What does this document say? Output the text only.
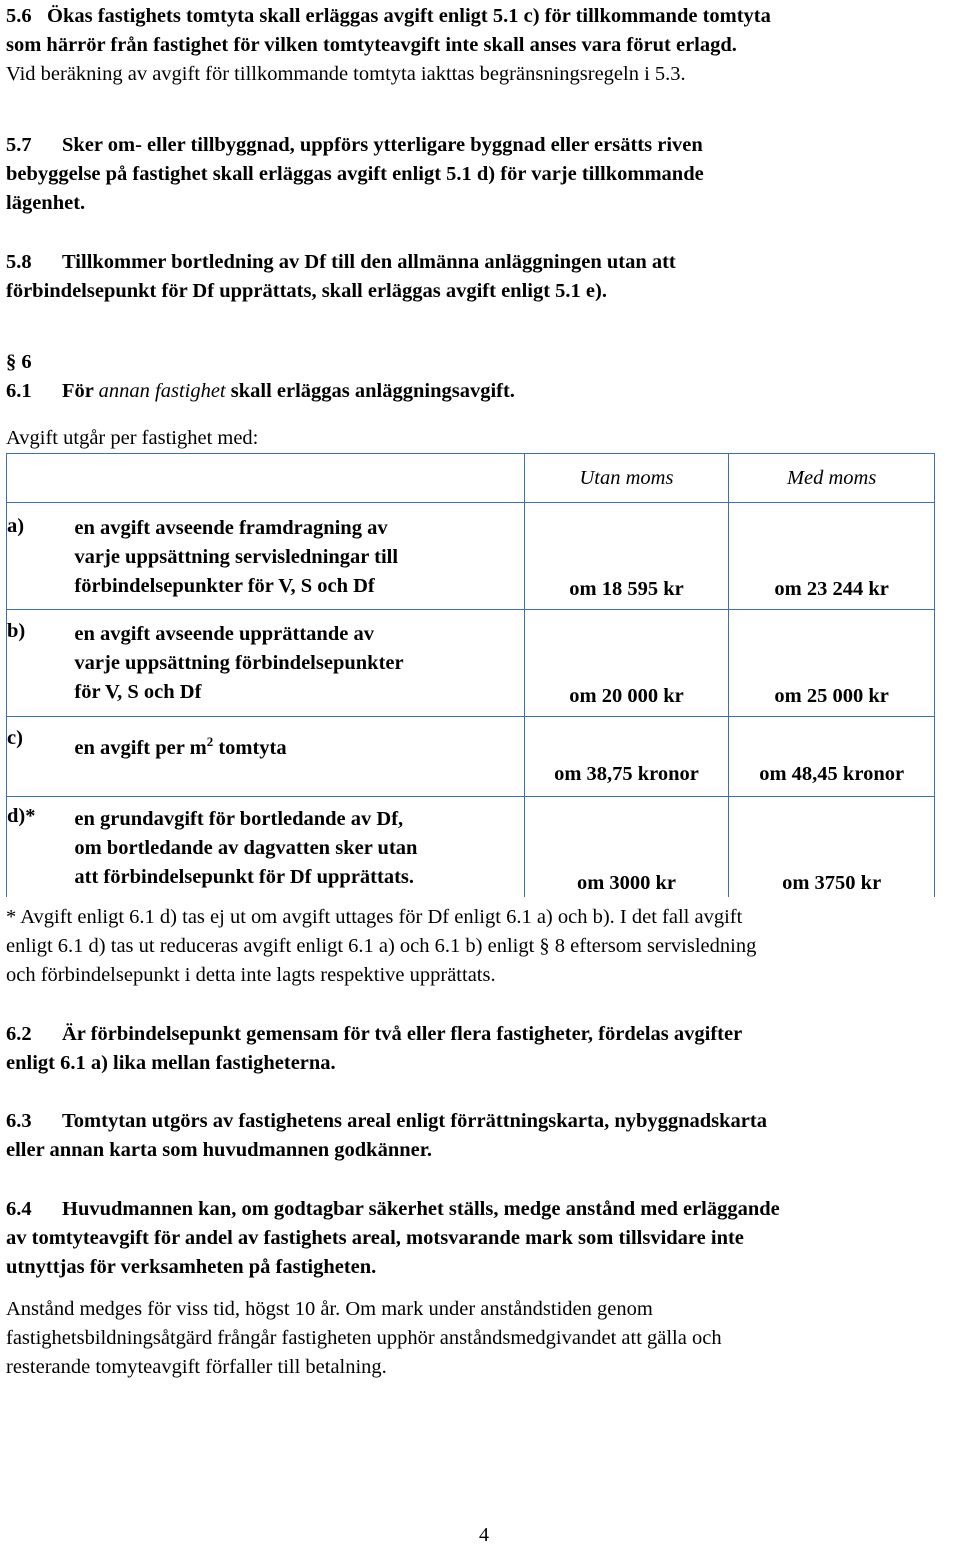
5.6   Ökas fastighets tomtyta skall erläggas avgift enligt 5.1 c) för tillkommande tomtyta
som härrör från fastighet för vilken tomtyteavgift inte skall anses vara förut erlagd.
Vid beräkning av avgift för tillkommande tomtyta iakttas begränsningsregeln i 5.3.
5.7 Sker om- eller tillbyggnad, uppförs ytterligare byggnad eller ersätts riven
bebyggelse på fastighet skall erläggas avgift enligt 5.1 d) för varje tillkommande
lägenhet.
5.8 Tillkommer bortledning av Df till den allmänna anläggningen utan att
förbindelsepunkt för Df upprättats, skall erläggas avgift enligt 5.1 e).
§ 6
6.1 För annan fastighet skall erläggas anläggningsavgift.
Avgift utgår per fastighet med:
		Utan moms	Med moms
a)	en avgift avseende framdragning av
varje uppsättning servisledningar till
förbindelsepunkter för V, S och Df	om 18 595 kr	om 23 244 kr
b)	en avgift avseende upprättande av
varje uppsättning förbindelsepunkter
för V, S och Df	om 20 000 kr	om 25 000 kr
c)	en avgift per $m^2$ tomtyta	om 38,75 kronor	om 48,45 kronor
d)*	en grundavgift för bortledande av Df,
om bortledande av dagvatten sker utan
att förbindelsepunkt för Df upprättats.	om 3000 kr	om 3750 kr
* Avgift enligt 6.1 d) tas ej ut om avgift uttages för Df enligt 6.1 a) och b). I det fall avgift
enligt 6.1 d) tas ut reduceras avgift enligt 6.1 a) och 6.1 b) enligt § 8 eftersom servisledning
och förbindelsepunkt i detta inte lagts respektive upprättats.
6.2 Är förbindelsepunkt gemensam för två eller flera fastigheter, fördelas avgifter
enligt 6.1 a) lika mellan fastigheterna.
6.3 Tomtytan utgörs av fastighetens areal enligt förrättningskarta, nybyggnadskarta
eller annan karta som huvudmannen godkänner.
6.4 Huvudmannen kan, om godtagbar säkerhet ställs, medge anstånd med erläggande
av tomtyteavgift för andel av fastighets areal, motsvarande mark som tillsvidare inte
utnyttjas för verksamheten på fastigheten.
Anstånd medges för viss tid, högst 10 år. Om mark under anståndstiden genom
fastighetsbildningsåtgärd frångår fastigheten upphör anståndsmedgivandet att gälla och
resterande tomyteavgift förfaller till betalning.
4
